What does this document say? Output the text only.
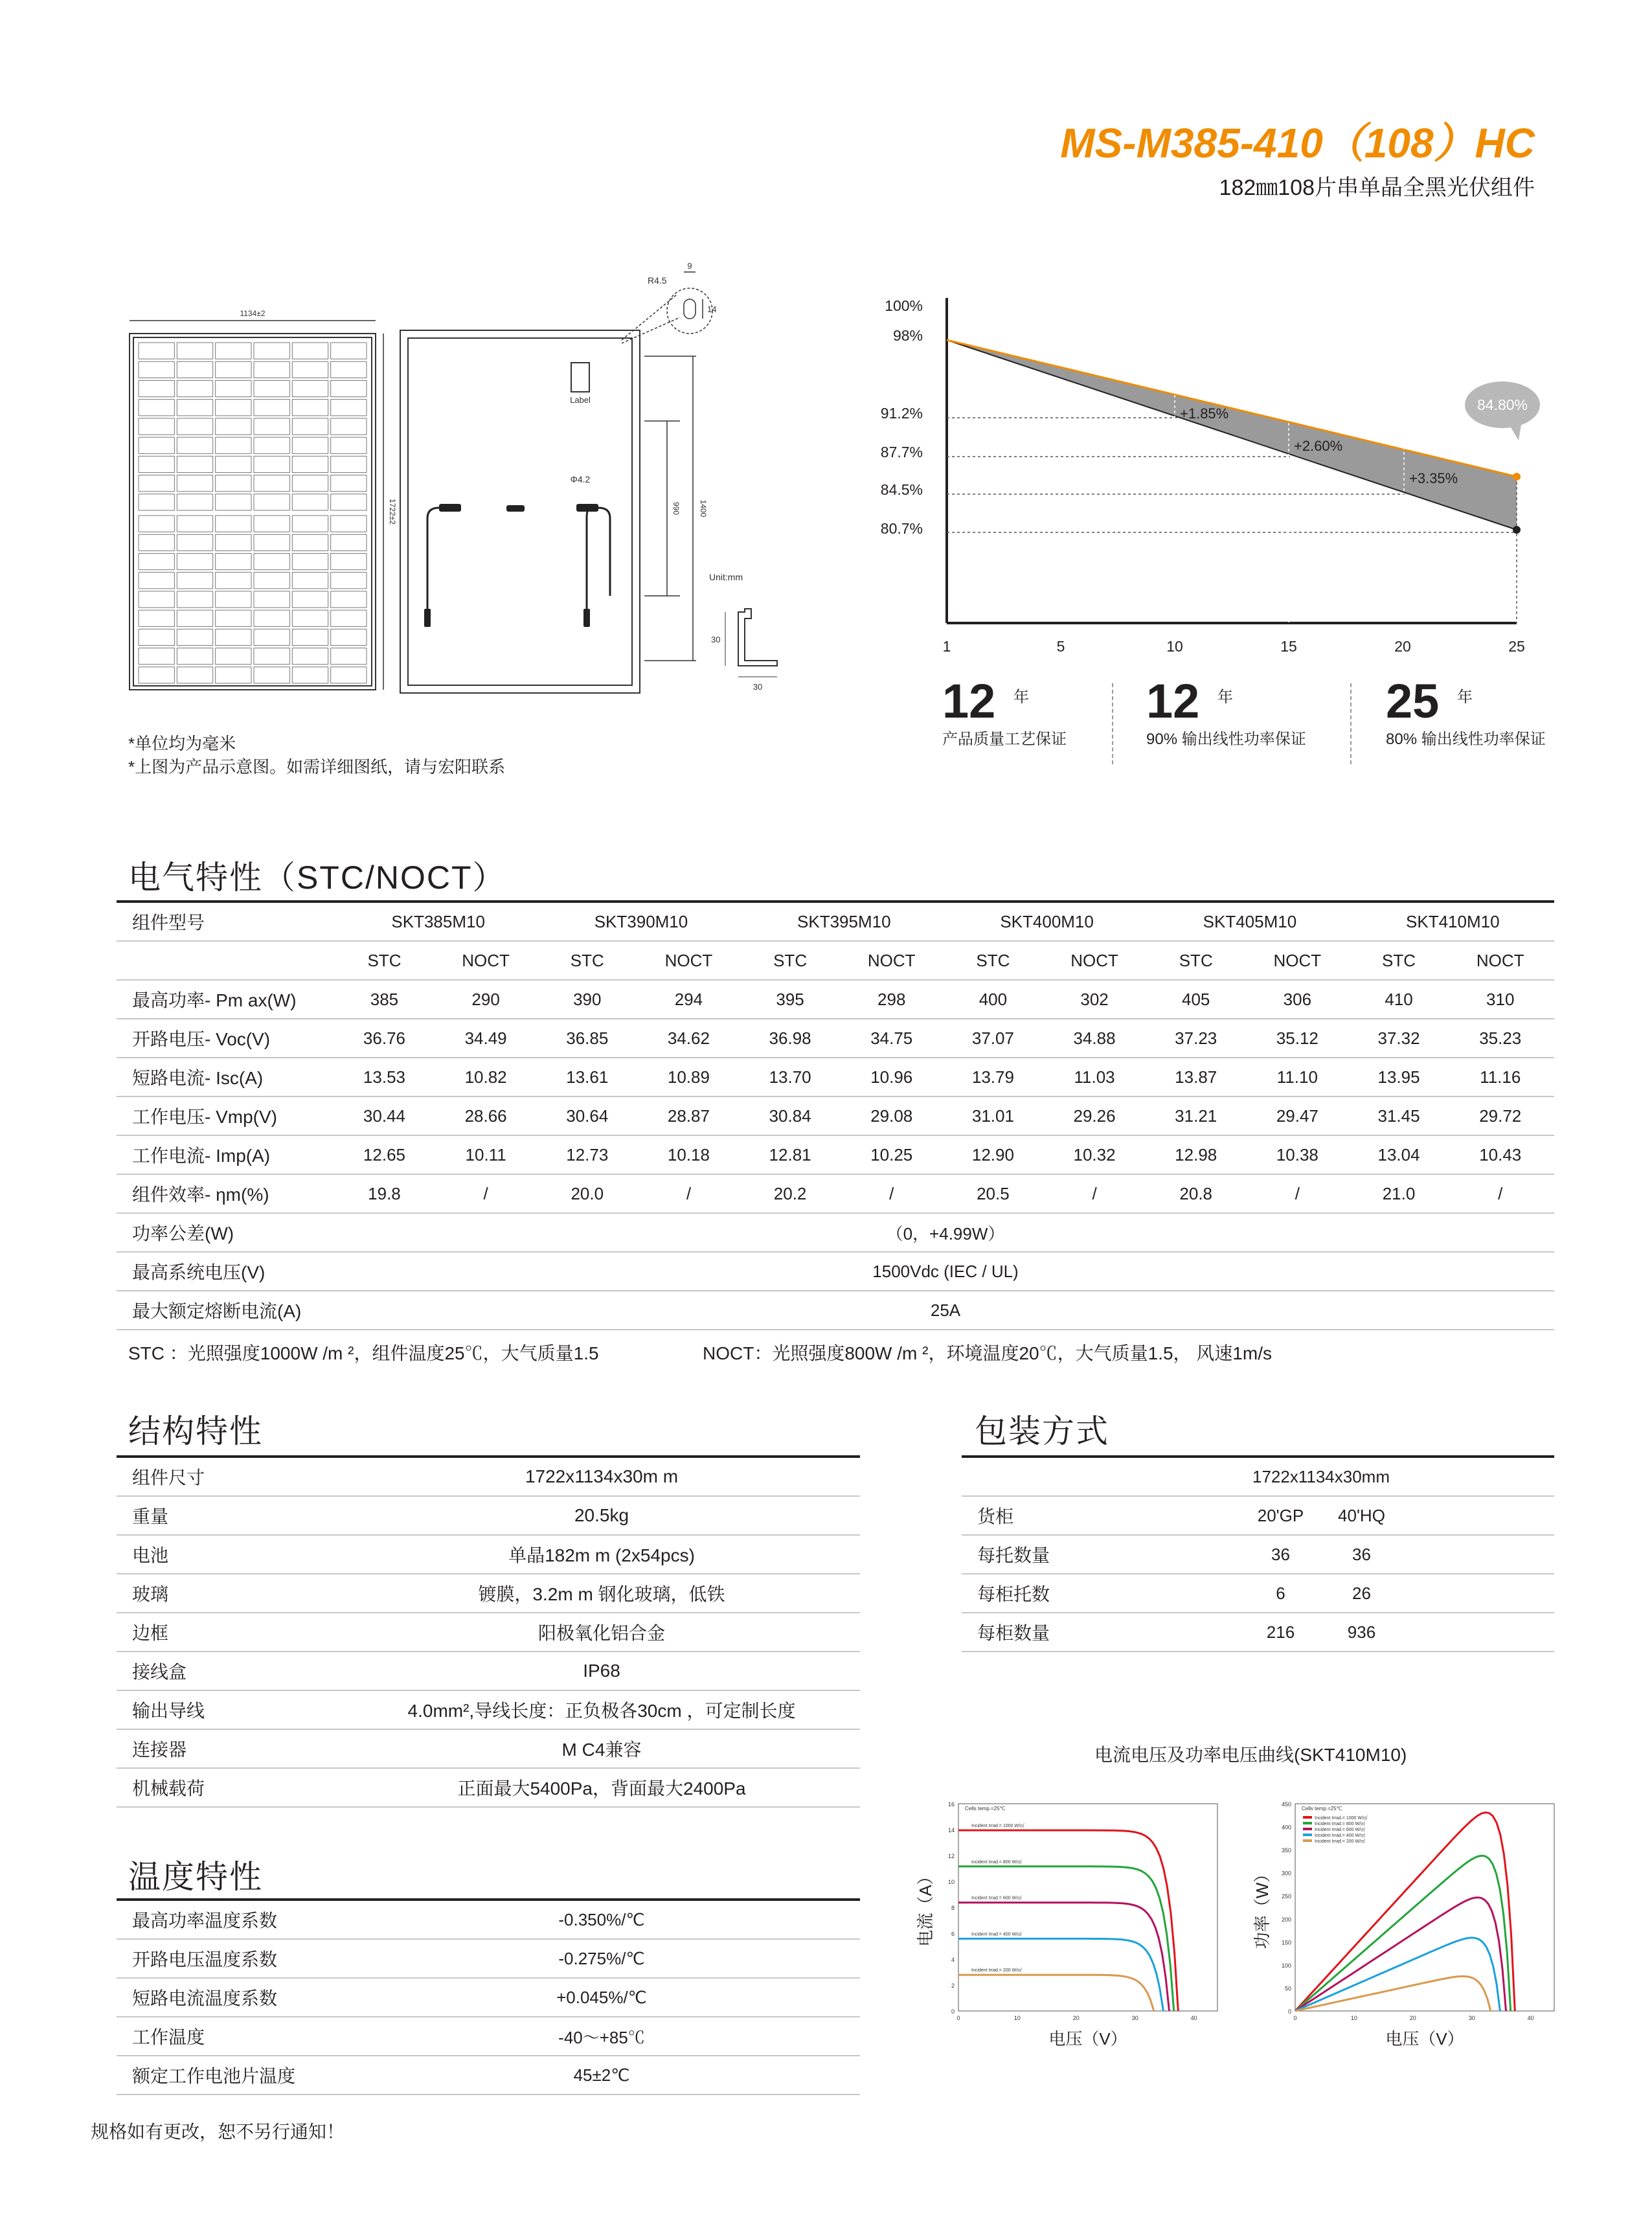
MS-M385-410（108）HC
182㎜108片串单晶全黑光伏组件
1134±2
1722±2
Label
Φ4.2
990 1400
R4.5
9
14
Unit:mm
30
30
*单位均为毫米
*上图为产品示意图。如需详细图纸，请与宏阳联系
100%
98%
91.2%
87.7%
84.5%
80.7%
1	5	10	15	20	25
+1.85%
+2.60%
+3.35%
84.80%
12 年
产品质量工艺保证
12 年
90% 输出线性功率保证
25 年
80% 输出线性功率保证
电气特性（STC/NOCT）
组件型号	SKT385M10		SKT390M10		SKT395M10		SKT400M10		SKT405M10		SKT410M10	
	STC	NOCT	STC	NOCT	STC	NOCT	STC	NOCT	STC	NOCT	STC	NOCT
最高功率- Pm ax(W)	385	290	390	294	395	298	400	302	405	306	410	310
开路电压- Voc(V)	36.76	34.49	36.85	34.62	36.98	34.75	37.07	34.88	37.23	35.12	37.32	35.23
短路电流- Isc(A)	13.53	10.82	13.61	10.89	13.70	10.96	13.79	11.03	13.87	11.10	13.95	11.16
工作电压- Vmp(V)	30.44	28.66	30.64	28.87	30.84	29.08	31.01	29.26	31.21	29.47	31.45	29.72
工作电流- Imp(A)	12.65	10.11	12.73	10.18	12.81	10.25	12.90	10.32	12.98	10.38	13.04	10.43
组件效率- ηm(%)	19.8	/	20.0	/	20.2	/	20.5	/	20.8	/	21.0	/
功率公差(W)	（0，+4.99W）											
最高系统电压(V)	1500Vdc (IEC / UL)											
最大额定熔断电流(A)	25A											
STC ：光照强度1000W /m ²，组件温度25℃，大气质量1.5	NOCT：光照强度800W /m ²，环境温度20℃，大气质量1.5， 风速1m/s
结构特性
组件尺寸	1722x1134x30m m
重量	20.5kg
电池	单晶182m m (2x54pcs)
玻璃	镀膜，3.2m m 钢化玻璃，低铁
边框	阳极氧化铝合金
接线盒	IP68
输出导线	4.0mm²,导线长度：正负极各30cm ，可定制长度
连接器	M C4兼容
机械载荷	正面最大5400Pa，背面最大2400Pa
包装方式
	1722x1134x30mm		
货柜	20'GP	40'HQ	
每托数量	36	36	
每柜托数	6	26	
每柜数量	216	936	
温度特性
最高功率温度系数	-0.350%/℃
开路电压温度系数	-0.275%/℃
短路电流温度系数	+0.045%/℃
工作温度	-40～+85℃
额定工作电池片温度	45±2℃
电流电压及功率电压曲线(SKT410M10)
16
14
12
10
8
6
4
2
0
0	10	20	30	40
Cells temp.=25℃
Incident Irrad.= 1000 W/㎡
Incident Irrad.= 800 W/㎡
Incident Irrad.= 600 W/㎡
Incident Irrad.= 400 W/㎡
Incident Irrad.= 200 W/㎡
电流（A）
电压（V）
450
400
350
300
250
200
150
100
50
0
0	10	20	30	40
Cells temp.=25℃
Incident Irrad.= 1000 W/㎡
Incident Irrad.= 800 W/㎡
Incident Irrad.= 600 W/㎡
Incident Irrad.= 400 W/㎡
Incident Irrad.= 200 W/㎡
功率（W）
电压（V）
规格如有更改，恕不另行通知！
